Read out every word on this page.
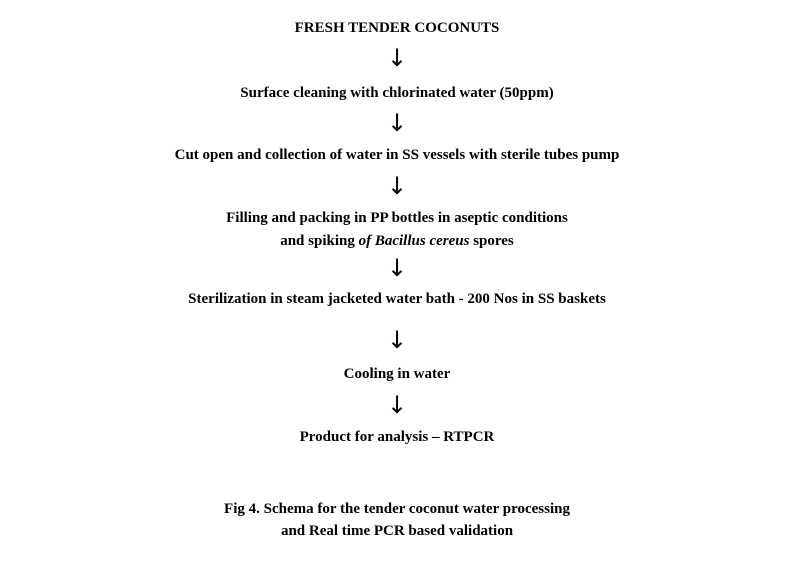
FRESH TENDER COCONUTS
↓
Surface cleaning with chlorinated water (50ppm)
↓
Cut open and collection of water in SS vessels with sterile tubes pump
↓
Filling and packing in PP bottles in aseptic conditions
and spiking of Bacillus cereus spores
↓
Sterilization in steam jacketed water bath - 200 Nos in SS baskets
↓
Cooling in water
↓
Product for analysis – RTPCR
Fig 4. Schema for the tender coconut water processing
and Real time PCR based validation
